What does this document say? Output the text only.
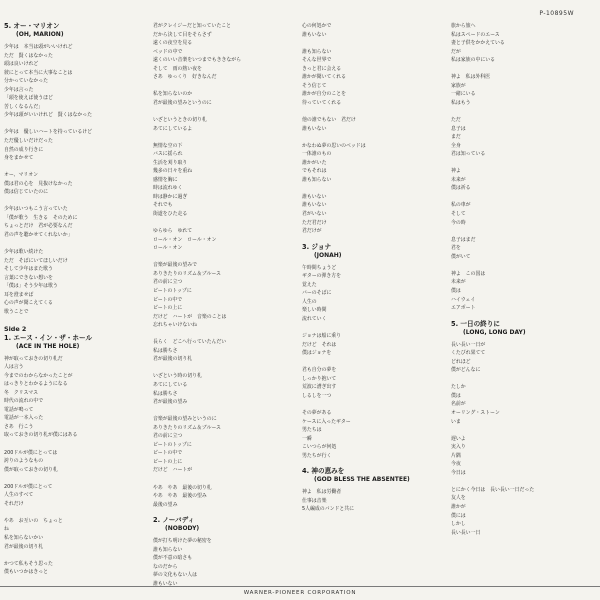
P-10895W
5. オー・マリオン
(OH, MARION)
少年は　本当は頭がいいけれど
ただ　賢くはなかった
頭は良いけれど
彼にとって本当に大事なことは
分かっていなかった
少年は言った
「頭を使えば使うほど
苦しくなるんだ」
少年は頭がいいけれど　賢くはなかった

少年は　優しいハートを持っているけど
ただ優しいだけだった
自然の成り行きに
身をまかせて

オー、マリオン
僕は君の心を　見抜けなかった
僕は信じていたのに

少年はいつもこう言っていた
「僕が歌う　生きる　そのために
ちょっとだけ　君が必要なんだ
君の声を聴かせてくれないか」

少年は歌い続けた
ただ　そばにいてほしいだけ
そして少年はまた歌う
言葉にできない想いを
「僕は」そう少年は歌う
耳を澄ませば
心の声が聞こえてくる
歌うことで
Side 2
1. エース・イン・ザ・ホール
(ACE IN THE HOLE)
神が取っておきの切り札だ
人は言う
今までのわからなかったことが
はっきりとわかるようになる
冬　クリスマス
時代の流れの中で
電話が鳴って
電話が一本入った
さあ　行こう
取っておきの切り札が僕にはある

200ドルが僕にとっては
誇りのようなもの
僕が取っておきの切り札

200ドルが僕にとって
人生のすべて
それだけ

やあ　お互いの　ちょっと
ね
私を知らないかい
君が最後の切り札

かつて私もそう思った
僕もいつかはきっと
君がクレイジーだと知っていたこと
だから決して目をそらさず
遠くの夜空を見る
ベッドの中で
遠くのいい音楽をいつまでもききながら
そして　雨の熱い夜を
さあ　ゆっくり　好きなんだ

私を知らないのか
君が最後の望みというのに

いざというときの切り札
あてにしているよ

無情な空の下
バスに揺られ
生活を刈り取り
幾多の日々を重ね
感情を胸に
時は流れゆく
時は静かに過ぎ
それでも
街道をひた走る

ゆらゆら　ゆれて
ロール・オン　ロール・オン
ロール・オン

音楽が最後の望みで
ありきたりのリズム＆ブルース
君の前に立つ
ビートのトップに
ビートの中で
ビートの上に
だけど　ハートが　音楽のことは
忘れちゃいけないね

長らく　どこへ行っていたんだい
私は勝ちさ
君が最後の切り札

いざという時の切り札
あてにしている
私は勝ちさ
君が最後の望み

音楽が最後の望みというのに
ありきたりのリズム＆ブルース
君の前に立つ
ビートのトップに
ビートの中で
ビートの上に
だけど　ハートが

やあ　やあ　最後の切り札
やあ　やあ　最後の望み
最後の望み
2. ノーバディ
(NOBODY)
僕が打ち明けた夢の秘密を
誰も知らない
僕が不意の暗さも
なのだから
夢の文化もない人は
誰もいない
心の何処かで
誰もいない

誰も知らない
そんな世界で
きっと君に会える
誰かが聞いてくれる
そう信じて
誰かが自分のことを
待っていてくれる

他の誰でもない　君だけ
誰もいない

かなわぬ夢の思いのベッドは
一体誰のもの
誰かがいた
でもそれは
誰も知らない

誰もいない
誰もいない
君がいない
ただ君だけ
君だけが
3. ジョナ
(JONAH)
午時間ちょうど
ギターの弾き方を
覚えた
バーのそばに
人生の
楽しい時間
流れていく

ジョナは船に乗り
だけど　それは
僕はジョナを

君も自分の夢を
しっかり抱いて
荒波に漕ぎ出す
しるしを一つ

その夢がある
ケースに入ったギター
男たちは
一瞬
こいつらが何処
男たちが行く
4. 神の恵みを
(GOD BLESS THE ABSENTEE)
神よ　私は労働者
仕事は音楽
5人編成のバンドと共に
旅から旅へ
私はスペードのエース
妻と子供をかかえている
だが
私は家族の中にいる

神よ　私は外科医
家族が
一緒にいる
私はもう

ただ
息子は
まだ
全身
君は知っている

神よ
未来が
僕は祈る

私の車が
そして
今の時

息子はまだ
君を
僕がいて

神よ　この国は
未来が
僕は
ハイウェイ
エアポート
5. 一日の終りに
(LONG, LONG DAY)
長い長い一日が
くたびれ果てて
どれほど
僕がどんなに

たしか
僕は
名前が
オーリング・ストーン
いま

遅いよ
実入り
片隅
今夜
今日は

とにかく今日は　長い長い一日だった
友人を
誰かが
僕には
しかし
長い長い一日
WARNER-PIONEER CORPORATION
